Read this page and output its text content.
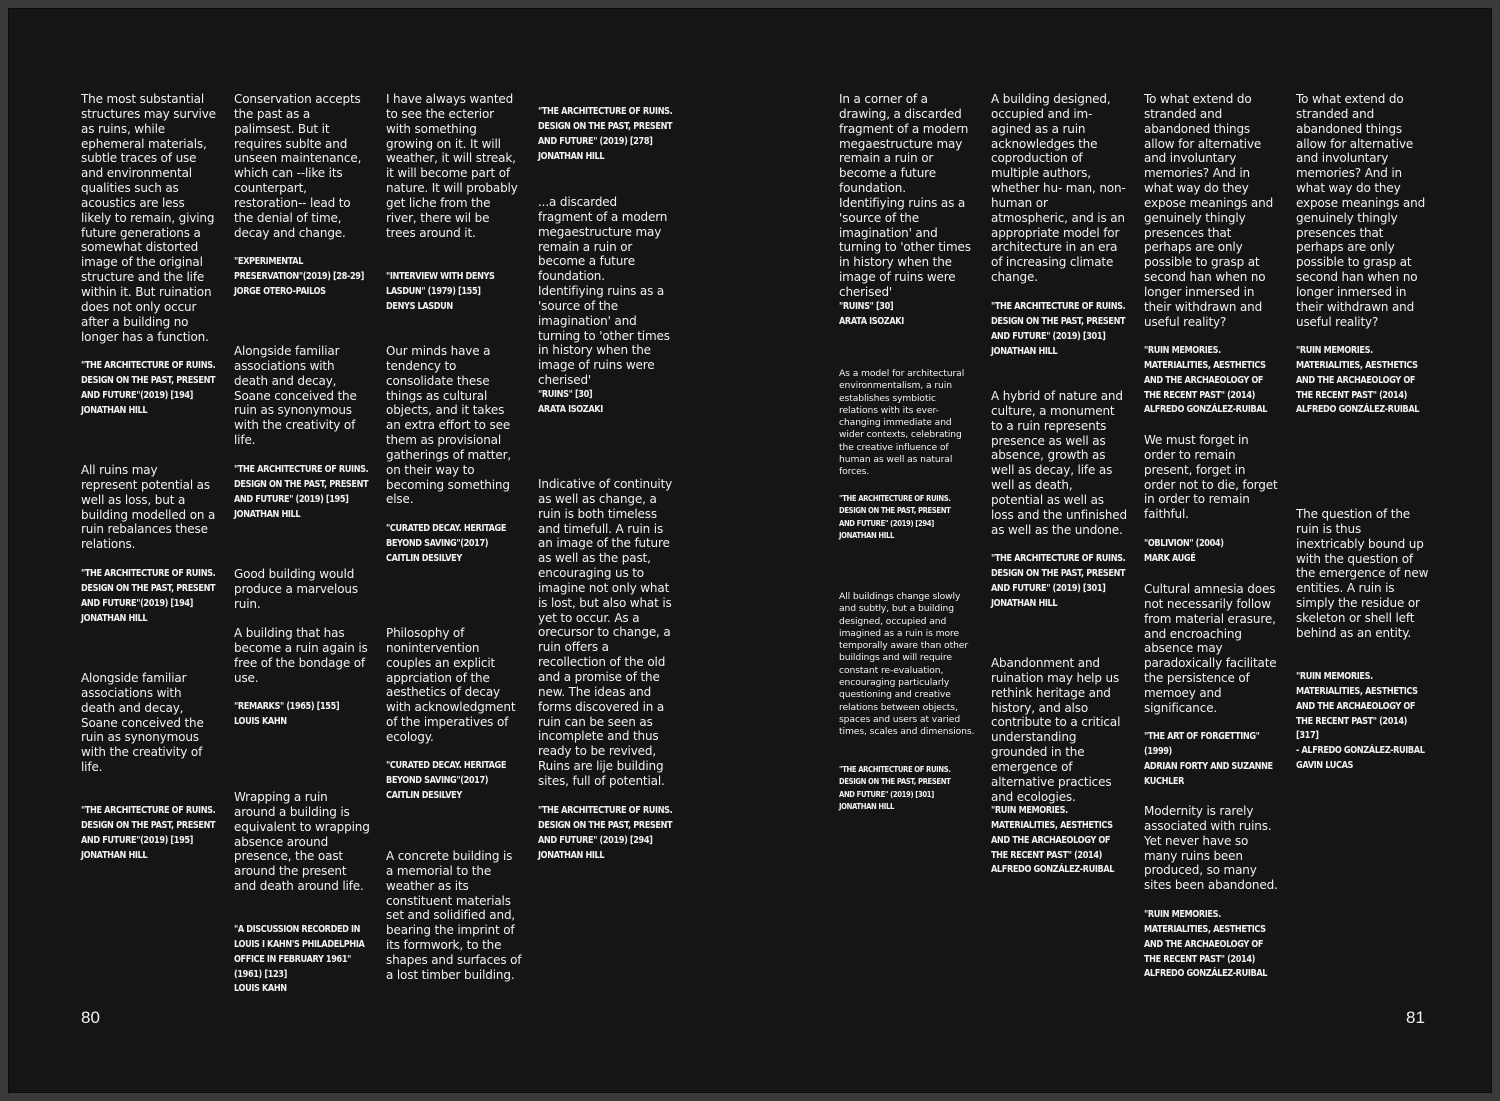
The most substantial structures may survive as ruins, while ephemeral materials, subtle traces of use and environmental qualities such as acoustics are less likely to remain, giving future generations a somewhat distorted image of the original structure and the life within it. But ruination does not only occur after a building no longer has a function.

"THE ARCHITECTURE OF RUINS. DESIGN ON THE PAST, PRESENT AND FUTURE"(2019) [194]
JONATHAN HILL

All ruins may represent potential as well as loss, but a building modelled on a ruin rebalances these relations.

"THE ARCHITECTURE OF RUINS. DESIGN ON THE PAST, PRESENT AND FUTURE"(2019) [194]
JONATHAN HILL

Alongside familiar associations with death and decay, Soane conceived the ruin as synonymous with the creativity of life.

"THE ARCHITECTURE OF RUINS. DESIGN ON THE PAST, PRESENT AND FUTURE"(2019) [195]
JONATHAN HILL

Conservation accepts the past as a palimsest. But it requires sublte and unseen maintenance, which can --like its counterpart, restoration-- lead to the denial of time, decay and change.

"EXPERIMENTAL PRESERVATION"(2019) [28-29]
JORGE OTERO-PAILOS

Alongside familiar associations with death and decay, Soane conceived the ruin as synonymous with the creativity of life.

"THE ARCHITECTURE OF RUINS. DESIGN ON THE PAST, PRESENT AND FUTURE" (2019) [195]
JONATHAN HILL

Good building would produce a marvelous ruin.

A building that has become a ruin again is free of the bondage of use.

"REMARKS" (1965) [155]
LOUIS KAHN

Wrapping a ruin around a building is equivalent to wrapping absence around presence, the oast around the present and death around life.

"A DISCUSSION RECORDED IN LOUIS I KAHN'S PHILADELPHIA OFFICE IN FEBRUARY 1961" (1961) [123]
LOUIS KAHN

I have always wanted to see the ecterior with something growing on it. It will weather, it will streak, it will become part of nature. It will probably get liche from the river, there wil be trees around it.

"INTERVIEW WITH DENYS LASDUN" (1979) [155]
DENYS LASDUN

Our minds have a tendency to consolidate these things as cultural objects, and it takes an extra effort to see them as provisional gatherings of matter, on their way to becoming something else.

"CURATED DECAY. HERITAGE BEYOND SAVING"(2017)
CAITLIN DESILVEY

Philosophy of nonintervention couples an explicit apprciation of the aesthetics of decay with acknowledgment of the imperatives of ecology.

"CURATED DECAY. HERITAGE BEYOND SAVING"(2017)
CAITLIN DESILVEY

A concrete building is a memorial to the weather as its constituent materials set and solidified and, bearing the imprint of its formwork, to the shapes and surfaces of a lost timber building.

"THE ARCHITECTURE OF RUINS. DESIGN ON THE PAST, PRESENT AND FUTURE" (2019) [278]
JONATHAN HILL

...a discarded fragment of a modern megaestructure may remain a ruin or become a future foundation. Identifiying ruins as a 'source of the imagination' and turning to 'other times in history when the image of ruins were cherised'

"RUINS" [30]
ARATA ISOZAKI

Indicative of continuity as well as change, a ruin is both timeless and timefull. A ruin is an image of the future as well as the past, encouraging us to imagine not only what is lost, but also what is yet to occur. As a orecursor to change, a ruin offers a recollection of the old and a promise of the new. The ideas and forms discovered in a ruin can be seen as incomplete and thus ready to be revived, Ruins are lije building sites, full of potential.

"THE ARCHITECTURE OF RUINS. DESIGN ON THE PAST, PRESENT AND FUTURE" (2019) [294]
JONATHAN HILL

In a corner of a drawing, a discarded fragment of a modern megaestructure may remain a ruin or become a future foundation. Identifiying ruins as a 'source of the imagination' and turning to 'other times in history when the image of ruins were cherised'

"RUINS" [30]
ARATA ISOZAKI

As a model for architectural environmentalism, a ruin establishes symbiotic relations with its ever-changing immediate and wider contexts, celebrating the creative influence of human as well as natural forces.

"THE ARCHITECTURE OF RUINS. DESIGN ON THE PAST, PRESENT AND FUTURE" (2019) [294]
JONATHAN HILL

All buildings change slowly and subtly, but a building designed, occupied and imagined as a ruin is more temporally aware than other buildings and will require constant re-evaluation, encouraging particularly questioning and creative relations between objects, spaces and users at varied times, scales and dimensions.

"THE ARCHITECTURE OF RUINS. DESIGN ON THE PAST, PRESENT AND FUTURE" (2019) [301]
JONATHAN HILL

A building designed, occupied and im- agined as a ruin acknowledges the coproduction of multiple authors, whether hu- man, non-human or atmospheric, and is an appropriate model for architecture in an era of increasing climate change.

"THE ARCHITECTURE OF RUINS. DESIGN ON THE PAST, PRESENT AND FUTURE" (2019) [301]
JONATHAN HILL

A hybrid of nature and culture, a monument to a ruin represents presence as well as absence, growth as well as decay, life as well as death, potential as well as loss and the unfinished as well as the undone.

"THE ARCHITECTURE OF RUINS. DESIGN ON THE PAST, PRESENT AND FUTURE" (2019) [301]
JONATHAN HILL

Abandonment and ruination may help us rethink heritage and history, and also contribute to a critical understanding grounded in the emergence of alternative practices and ecologies.

"RUIN MEMORIES. MATERIALITIES, AESTHETICS AND THE ARCHAEOLOGY OF THE RECENT PAST" (2014)
ALFREDO GONZÁLEZ-RUIBAL

To what extend do stranded and abandoned things allow for alternative and involuntary memories? And in what way do they expose meanings and genuinely thingly presences that perhaps are only possible to grasp at second han when no longer inmersed in their withdrawn and useful reality?

"RUIN MEMORIES. MATERIALITIES, AESTHETICS AND THE ARCHAEOLOGY OF THE RECENT PAST" (2014)
ALFREDO GONZÁLEZ-RUIBAL

We must forget in order to remain present, forget in order not to die, forget in order to remain faithful.

"OBLIVION" (2004)
MARK AUGÉ

Cultural amnesia does not necessarily follow from material erasure, and encroaching absence may paradoxically facilitate the persistence of memoey and significance.

"THE ART OF FORGETTING" (1999)
ADRIAN FORTY AND SUZANNE KUCHLER

Modernity is rarely associated with ruins. Yet never have so many ruins been produced, so many sites been abandoned.

"RUIN MEMORIES. MATERIALITIES, AESTHETICS AND THE ARCHAEOLOGY OF THE RECENT PAST" (2014)
ALFREDO GONZÁLEZ-RUIBAL

To what extend do stranded and abandoned things allow for alternative and involuntary memories? And in what way do they expose meanings and genuinely thingly presences that perhaps are only possible to grasp at second han when no longer inmersed in their withdrawn and useful reality?

"RUIN MEMORIES. MATERIALITIES, AESTHETICS AND THE ARCHAEOLOGY OF THE RECENT PAST" (2014)
ALFREDO GONZÁLEZ-RUIBAL

The question of the ruin is thus inextricably bound up with the question of the emergence of new entities. A ruin is simply the residue or skeleton or shell left behind as an entity.

"RUIN MEMORIES. MATERIALITIES, AESTHETICS AND THE ARCHAEOLOGY OF THE RECENT PAST" (2014) [317]
- ALFREDO GONZÁLEZ-RUIBAL
GAVIN LUCAS

80	81
